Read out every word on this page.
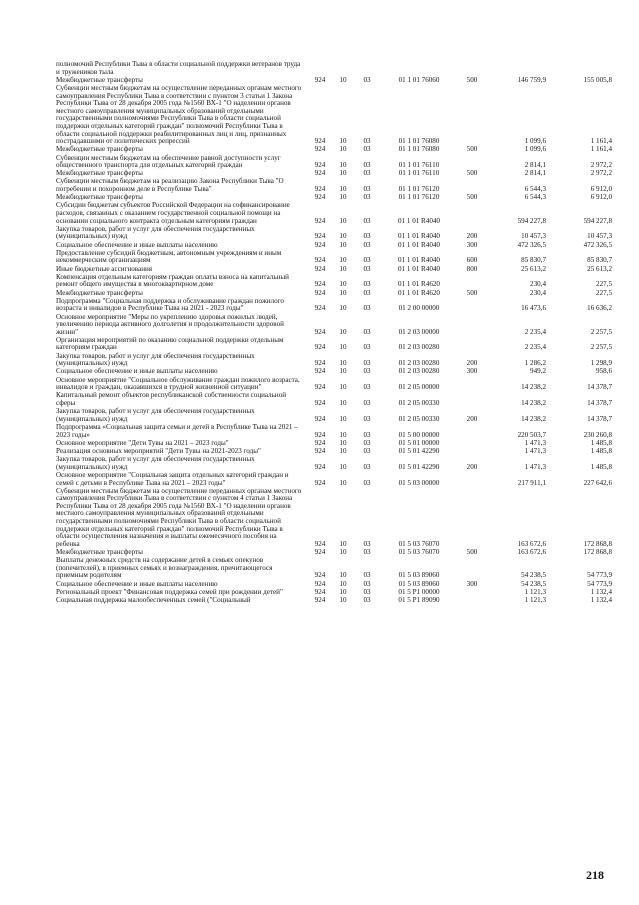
полномочий Республики Тыва в области социальной поддержки ветеранов труда и тружеников тыла
Межбюджетные трансферты	924	10	03	01 1 01 76060	500	146 759,9	155 005,8
Субвенции местным бюджетам на осуществление переданных органам местного самоуправления Республики Тыва в соответствии с пунктом 3 статьи 1 Закона Республики Тыва от 28 декабря 2005 года №1560 ВХ-1 "О наделении органов местного самоуправления муниципальных образований отдельными государственными полномочиями Республики Тыва в области социальной поддержки отдельных категорий граждан" полномочий Республики Тыва в области социальной поддержки реабилитированных лиц и лиц, признанных пострадавшими от политических репрессий	924	10	03	01 1 01 76080	1 099,6	1 161,4
Межбюджетные трансферты	924	10	03	01 1 01 76080	500	1 099,6	1 161,4
Субвенции местным бюджетам на обеспечение равной доступности услуг общественного транспорта для отдельных категорий граждан	924	10	03	01 1 01 76110	2 814,1	2 972,2
Межбюджетные трансферты	924	10	03	01 1 01 76110	500	2 814,1	2 972,2
Субвенции местным бюджетам на реализацию Закона Республики Тыва "О погребении и похоронном деле в Республике Тыва"	924	10	03	01 1 01 76120	6 544,3	6 912,0
Межбюджетные трансферты	924	10	03	01 1 01 76120	500	6 544,3	6 912,0
Субсидии бюджетам субъектов Российской Федерации на софинансирование расходов, связанных с оказанием государственной социальной помощи на основании социального контракта отдельным категориям граждан	924	10	03	01 1 01 R4040	594 227,8	594 227,8
Закупка товаров, работ и услуг для обеспечения государственных (муниципальных) нужд	924	10	03	01 1 01 R4040	200	10 457,3	10 457,3
Социальное обеспечение и иные выплаты населению	924	10	03	01 1 01 R4040	300	472 326,5	472 326,5
Предоставление субсидий бюджетным, автономным учреждениям и иным некоммерческим организациям	924	10	03	01 1 01 R4040	600	85 830,7	85 830,7
Иные бюджетные ассигнования	924	10	03	01 1 01 R4040	800	25 613,2	25 613,2
Компенсация отдельным категориям граждан оплаты взноса на капитальный ремонт общего имущества в многоквартирном доме	924	10	03	01 1 01 R4620	230,4	227,5
Межбюджетные трансферты	924	10	03	01 1 01 R4620	500	230,4	227,5
Подпрограмма "Социальная поддержка и обслуживание граждан пожилого возраста и инвалидов в Республике Тыва на 2021 - 2023 годы"	924	10	03	01 2 00 00000	16 473,6	16 636,2
Основное мероприятие "Меры по укреплению здоровья пожилых людей, увеличению периода активного долголетия и продолжительности здоровой жизни"	924	10	03	01 2 03 00000	2 235,4	2 257,5
Организация мероприятий по оказанию социальной поддержки отдельным категориям граждан	924	10	03	01 2 03 00280	2 235,4	2 257,5
Закупка товаров, работ и услуг для обеспечения государственных (муниципальных) нужд	924	10	03	01 2 03 00280	200	1 286,2	1 298,9
Социальное обеспечение и иные выплаты населению	924	10	03	01 2 03 00280	300	949,2	958,6
Основное мероприятие "Социальное обслуживание граждан пожилого возраста, инвалидов и граждан, оказавшихся в трудной жизненной ситуации"	924	10	03	01 2 05 00000	14 238,2	14 378,7
Капитальный ремонт объектов республиканской собственности социальной сферы	924	10	03	01 2 05 00330	14 238,2	14 378,7
Закупка товаров, работ и услуг для обеспечения государственных (муниципальных) нужд	924	10	03	01 2 05 00330	200	14 238,2	14 378,7
Подпрограмма «Социальная защита семьи и детей в Республике Тыва на 2021 – 2023 годы»	924	10	03	01 5 00 00000	220 503,7	230 260,8
Основное мероприятие "Дети Тувы на 2021 – 2023 годы"	924	10	03	01 5 01 00000	1 471,3	1 485,8
Реализация основных мероприятий "Дети Тувы на 2021-2023 годы"	924	10	03	01 5 01 42290	1 471,3	1 485,8
Закупка товаров, работ и услуг для обеспечения государственных (муниципальных) нужд	924	10	03	01 5 01 42290	200	1 471,3	1 485,8
Основное мероприятие "Социальная защита отдельных категорий граждан и семей с детьми в Республике Тыва на 2021 – 2023 годы"	924	10	03	01 5 03 00000	217 911,1	227 642,6
Субвенции местным бюджетам на осуществление переданных органам местного самоуправления Республики Тыва в соответствии с пунктом 4 статьи 1 Закона Республики Тыва от 28 декабря 2005 года №1560 ВХ-1 "О наделении органов местного самоуправления муниципальных образований отдельными государственными полномочиями Республики Тыва в области социальной поддержки отдельных категорий граждан" полномочий Республики Тыва в области осуществления назначения и выплаты ежемесячного пособия на ребенка	924	10	03	01 5 03 76070	163 672,6	172 868,8
Межбюджетные трансферты	924	10	03	01 5 03 76070	500	163 672,6	172 868,8
Выплаты денежных средств на содержание детей в семьях опекунов (попечителей), в приемных семьях и вознаграждения, причитающегося приемным родителям	924	10	03	01 5 03 89060	54 238,5	54 773,9
Социальное обеспечение и иные выплаты населению	924	10	03	01 5 03 89060	300	54 238,5	54 773,9
Региональный проект "Финансовая поддержка семей при рождении детей"	924	10	03	01 5 P1 00000	1 121,3	1 132,4
Социальная поддержка малообеспеченных семей ("Социальный	924	10	03	01 5 P1 89090	1 121,3	1 132,4
218
